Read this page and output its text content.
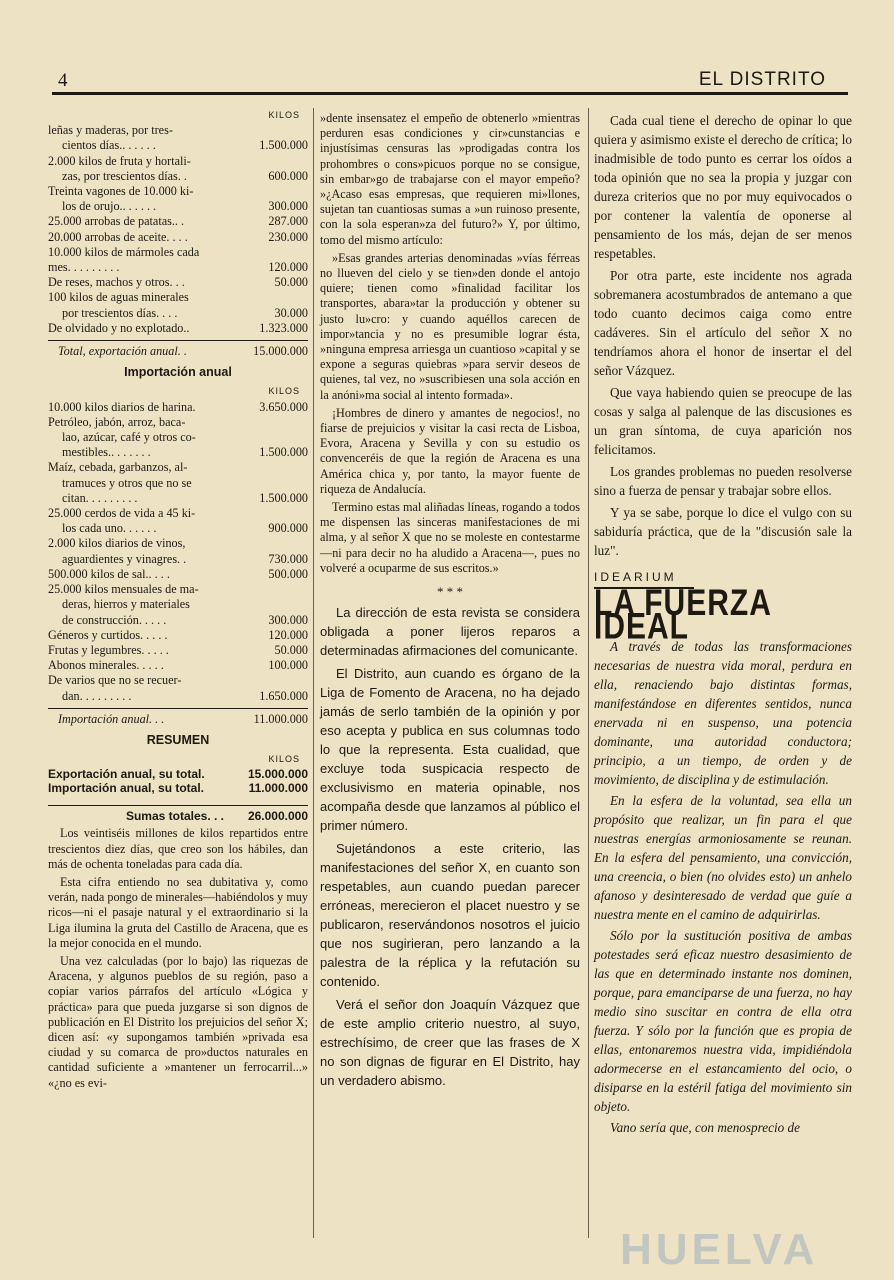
4	EL DISTRITO
KILOS
leñas y maderas, por tres-
cientos días.. . . . . .	1.500.000
2.000 kilos de fruta y hortali-
zas, por trescientos días. .	600.000
Treinta vagones de 10.000 ki-
los de orujo.. . . . . .	300.000
25.000 arrobas de patatas.. .	287.000
20.000 arrobas de aceite. . . .	230.000
10.000 kilos de mármoles cada
mes. . . . . . . . .	120.000
De reses, machos y otros. . .	50.000
100 kilos de aguas minerales
por trescientos días. . . .	30.000
De olvidado y no explotado..	1.323.000
Total, exportación anual. .	15.000.000
Importación anual
KILOS
10.000 kilos diarios de harina.	3.650.000
Petróleo, jabón, arroz, baca-
lao, azúcar, café y otros co-
mestibles.. . . . . . .	1.500.000
Maíz, cebada, garbanzos, al-
tramuces y otros que no se
citan. . . . . . . . .	1.500.000
25.000 cerdos de vida a 45 ki-
los cada uno. . . . . .	900.000
2.000 kilos diarios de vinos,
aguardientes y vinagres. .	730.000
500.000 kilos de sal.. . . .	500.000
25.000 kilos mensuales de ma-
deras, hierros y materiales
de construcción. . . . .	300.000
Géneros y curtidos. . . . .	120.000
Frutas y legumbres. . . . .	50.000
Abonos minerales. . . . .	100.000
De varios que no se recuer-
dan. . . . . . . . .	1.650.000
Importación anual. . .	11.000.000
RESUMEN
KILOS
Exportación anual, su total.	15.000.000
Importación anual, su total.	11.000.000
Sumas totales. . .	26.000.000

Los veintiséis millones de kilos repartidos entre trescientos diez días, que creo son los hábiles, dan más de ochenta toneladas para cada día.

Esta cifra entiendo no sea dubitativa y, como verán, nada pongo de minerales—habiéndolos y muy ricos—ni el pasaje natural y el extraordinario si la Liga ilumina la gruta del Castillo de Aracena, que es la mejor conocida en el mundo.

Una vez calculadas (por lo bajo) las riquezas de Aracena, y algunos pueblos de su región, paso a copiar varios párrafos del artículo «Lógica y práctica» para que pueda juzgarse si son dignos de publicación en El Distrito los prejuicios del señor X; dicen así: «y supongamos también »privada esa ciudad y su comarca de pro»ductos naturales en cantidad suficiente a »mantener un ferrocarril...» «¿no es evi-

»dente insensatez el empeño de obtenerlo »mientras perduren esas condiciones y cir»cunstancias e injustísimas censuras las »prodigadas contra los prohombres o cons»picuos porque no se consigue, sin embar»go de trabajarse con el mayor empeño? »¿Acaso esas empresas, que requieren mi»llones, sujetan tan cuantiosas sumas a »un ruinoso presente, con la sola esperan»za del futuro?» Y, por último, tomo del mismo artículo:

»Esas grandes arterias denominadas »vías férreas no llueven del cielo y se tien»den donde el antojo quiere; tienen como »finalidad facilitar los transportes, abara»tar la producción y obtener su justo lu»cro: y cuando aquéllos carecen de impor»tancia y no es presumible lograr ésta, »ninguna empresa arriesga un cuantioso »capital y se expone a seguras quiebras »para servir deseos de quienes, tal vez, no »suscribiesen una sola acción en la anóni»ma social al intento formada».

¡Hombres de dinero y amantes de negocios!, no fiarse de prejuicios y visitar la casi recta de Lisboa, Evora, Aracena y Sevilla y con su estudio os convenceréis de que la región de Aracena es una América chica y, por tanto, la mayor fuente de riqueza de Andalucía.

Termino estas mal aliñadas líneas, rogando a todos me dispensen las sinceras manifestaciones de mi alma, y al señor X que no se moleste en contestarme—ni para decir no ha aludido a Aracena—, pues no volveré a ocuparme de sus escritos.»

* * *

La dirección de esta revista se considera obligada a poner lijeros reparos a determinadas afirmaciones del comunicante.

El Distrito, aun cuando es órgano de la Liga de Fomento de Aracena, no ha dejado jamás de serlo también de la opinión y por eso acepta y publica en sus columnas todo lo que la representa. Esta cualidad, que excluye toda suspicacia respecto de exclusivismo en materia opinable, nos acompaña desde que lanzamos al público el primer número.

Sujetándonos a este criterio, las manifestaciones del señor X, en cuanto son respetables, aun cuando puedan parecer erróneas, merecieron el placet nuestro y se publicaron, reservándonos nosotros el juicio que nos sugirieran, pero lanzando a la palestra de la réplica y la refutación su contenido.

Verá el señor don Joaquín Vázquez que de este amplio criterio nuestro, al suyo, estrechísimo, de creer que las frases de X no son dignas de figurar en El Distrito, hay un verdadero abismo.

Cada cual tiene el derecho de opinar lo que quiera y asimismo existe el derecho de crítica; lo inadmisible de todo punto es cerrar los oídos a toda opinión que no sea la propia y juzgar con dureza criterios que no por muy equivocados o por contener la valentía de oponerse al pensamiento de los más, dejan de ser menos respetables.

Por otra parte, este incidente nos agrada sobremanera acostumbrados de antemano a que todo cuanto decimos caiga como entre cadáveres. Sin el artículo del señor X no tendríamos ahora el honor de insertar el del señor Vázquez.

Que vaya habiendo quien se preocupe de las cosas y salga al palenque de las discusiones es un gran síntoma, de cuya aparición nos felicitamos.

Los grandes problemas no pueden resolverse sino a fuerza de pensar y trabajar sobre ellos.

Y ya se sabe, porque lo dice el vulgo con su sabiduría práctica, que de la "discusión sale la luz".

IDEARIUM
LA FUERZA IDEAL

A través de todas las transformaciones necesarias de nuestra vida moral, perdura en ella, renaciendo bajo distintas formas, manifestándose en diferentes sentidos, nunca enervada ni en suspenso, una potencia dominante, una autoridad conductora; principio, a un tiempo, de orden y de movimiento, de disciplina y de estimulación.

En la esfera de la voluntad, sea ella un propósito que realizar, un fin para el que nuestras energías armoniosamente se reunan. En la esfera del pensamiento, una convicción, una creencia, o bien (no olvides esto) un anhelo afanoso y desinteresado de verdad que guíe a nuestra mente en el camino de adquirirlas.

Sólo por la sustitución positiva de ambas potestades será eficaz nuestro desasimiento de las que en determinado instante nos dominen, porque, para emanciparse de una fuerza, no hay medio sino suscitar en contra de ella otra fuerza. Y sólo por la función que es propia de ellas, entonaremos nuestra vida, impidiéndola adormecerse en el estancamiento del ocio, o disiparse en la estéril fatiga del movimiento sin objeto.

Vano sería que, con menosprecio de

HUELVA
